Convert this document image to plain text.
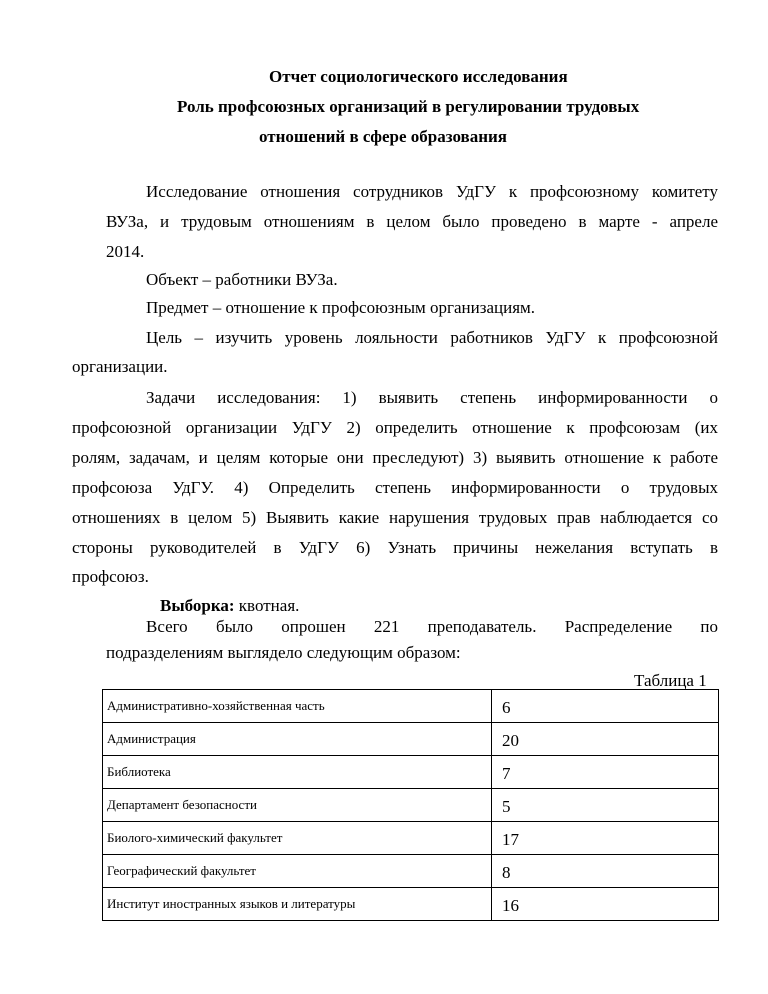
Отчет социологического исследования
Роль профсоюзных организаций в регулировании трудовых
отношений в сфере образования
Исследование отношения сотрудников УдГУ к профсоюзному комитету
ВУЗа, и трудовым отношениям в целом было проведено в марте - апреле
2014.
Объект – работники ВУЗа.
Предмет – отношение к профсоюзным организациям.
Цель – изучить уровень лояльности работников УдГУ к профсоюзной
организации.
Задачи исследования: 1) выявить степень информированности о
профсоюзной организации УдГУ 2) определить отношение к профсоюзам (их
ролям, задачам, и целям которые они преследуют) 3) выявить отношение к работе
профсоюза УдГУ. 4) Определить степень информированности о трудовых
отношениях в целом 5) Выявить какие нарушения трудовых прав наблюдается со
стороны руководителей в УдГУ 6) Узнать причины нежелания вступать в
профсоюз.
Выборка: квотная.
Всего было опрошен 221 преподаватель. Распределение по
подразделениям выглядело следующим образом:
Таблица 1
Административно-хозяйственная часть	6
Администрация	20
Библиотека	7
Департамент безопасности	5
Биолого-химический факультет	17
Географический факультет	8
Институт иностранных языков и литературы	16
